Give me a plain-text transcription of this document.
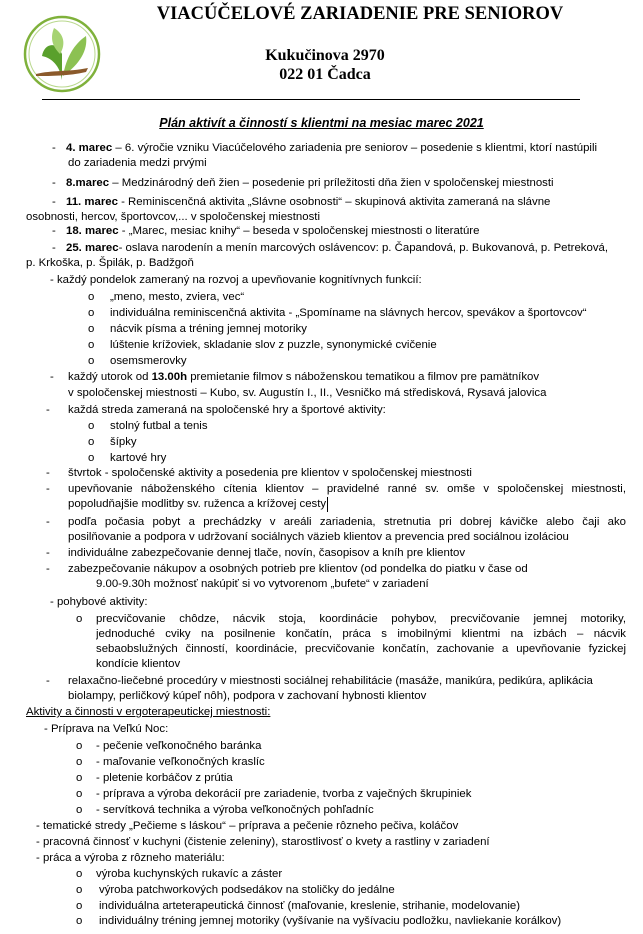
VIACÚČELOVÉ ZARIADENIE PRE SENIOROV
Kukučinova 2970
022 01 Čadca
Plán aktivít a činností s klientmi na mesiac marec 2021
- 4. marec – 6. výročie vzniku Viacúčelového zariadenia pre seniorov – posedenie s klientmi, ktorí nastúpili
do zariadenia medzi prvými
- 8.marec – Medzinárodný deň žien – posedenie pri príležitosti dňa žien v spoločenskej miestnosti
- 11. marec - Reminiscenčná aktivita „Slávne osobnosti“ – skupinová aktivita zameraná na slávne
osobnosti, hercov, športovcov,... v spoločenskej miestnosti
- 18. marec - „Marec, mesiac knihy“ – beseda v spoločenskej miestnosti o literatúre
- 25. marec- oslava narodenín a menín marcových oslávencov: p. Čapandová, p. Bukovanová, p. Petreková,
p. Krkoška, p. Špilák, p. Badžgoň
- každý pondelok zameraný na rozvoj a upevňovanie kognitívnych funkcií:
o „meno, mesto, zviera, vec“
o individuálna reminiscenčná aktivita - „Spomíname na slávnych hercov, spevákov a športovcov“
o nácvik písma a tréning jemnej motoriky
o lúštenie krížoviek, skladanie slov z puzzle, synonymické cvičenie
o osemsmerovky
- každý utorok od 13.00h premietanie filmov s náboženskou tematikou a filmov pre pamätníkov
v spoločenskej miestnosti – Kubo, sv. Augustín I., II., Vesničko má středisková, Rysavá jalovica
- každá streda zameraná na spoločenské hry a športové aktivity:
o stolný futbal a tenis
o šípky
o kartové hry
- štvrtok - spoločenské aktivity a posedenia pre klientov v spoločenskej miestnosti
- upevňovanie náboženského cítenia klientov – pravidelné ranné sv. omše v spoločenskej miestnosti,
popoludňajšie modlitby sv. ruženca a krížovej cesty
- podľa počasia pobyt a prechádzky v areáli zariadenia, stretnutia pri dobrej kávičke alebo čaji ako
posilňovanie a podpora v udržovaní sociálnych väzieb klientov a prevencia pred sociálnou izoláciou
- individuálne zabezpečovanie dennej tlače, novín, časopisov a kníh pre klientov
- zabezpečovanie nákupov a osobných potrieb pre klientov (od pondelka do piatku v čase od
9.00-9.30h možnosť nakúpiť si vo vytvorenom „bufete“ v zariadení
- pohybové aktivity:
o precvičovanie chôdze, nácvik stoja, koordinácie pohybov, precvičovanie jemnej motoriky,
jednoduché cviky na posilnenie končatín, práca s imobilnými klientmi na izbách – nácvik
sebaobslužných činností, koordinácie, precvičovanie končatín, zachovanie a upevňovanie fyzickej
kondície klientov
- relaxačno-liečebné procedúry v miestnosti sociálnej rehabilitácie (masáže, manikúra, pedikúra, aplikácia
biolampy, perličkový kúpeľ nôh), podpora v zachovaní hybnosti klientov
Aktivity a činnosti v ergoterapeutickej miestnosti:
- Príprava na Veľkú Noc:
o - pečenie veľkonočného baránka
o - maľovanie veľkonočných kraslíc
o - pletenie korbáčov z prútia
o - príprava a výroba dekorácií pre zariadenie, tvorba z vaječných škrupiniek
o - servítková technika a výroba veľkonočných pohľadníc
- tematické stredy „Pečieme s láskou“ – príprava a pečenie rôzneho pečiva, koláčov
- pracovná činnosť v kuchyni (čistenie zeleniny), starostlivosť o kvety a rastliny v zariadení
- práca a výroba z rôzneho materiálu:
o výroba kuchynských rukavíc a záster
o výroba patchworkových podsedákov na stoličky do jedálne
o individuálna arteterapeutická činnosť (maľovanie, kreslenie, strihanie, modelovanie)
o individuálny tréning jemnej motoriky (vyšívanie na vyšívaciu podložku, navliekanie korálkov)
